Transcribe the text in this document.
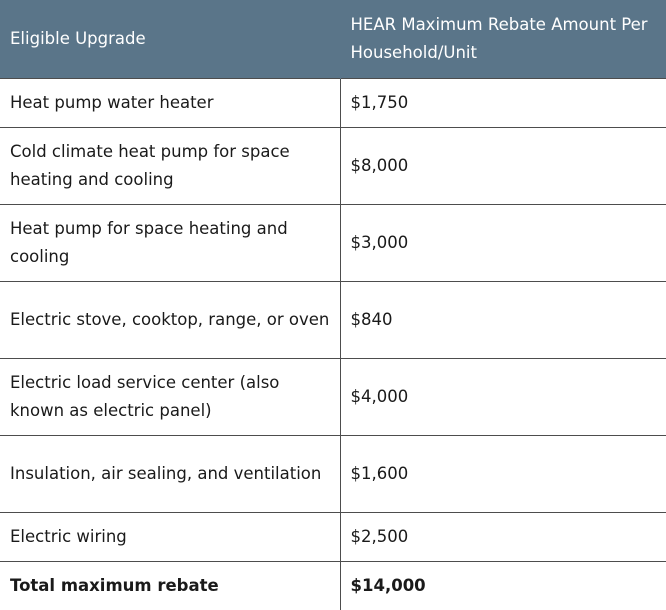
Eligible Upgrade	HEAR Maximum Rebate Amount Per Household/Unit
Heat pump water heater	$1,750
Cold climate heat pump for space heating and cooling	$8,000
Heat pump for space heating and cooling	$3,000
Electric stove, cooktop, range, or oven	$840
Electric load service center (also known as electric panel)	$4,000
Insulation, air sealing, and ventilation	$1,600
Electric wiring	$2,500
Total maximum rebate	$14,000
